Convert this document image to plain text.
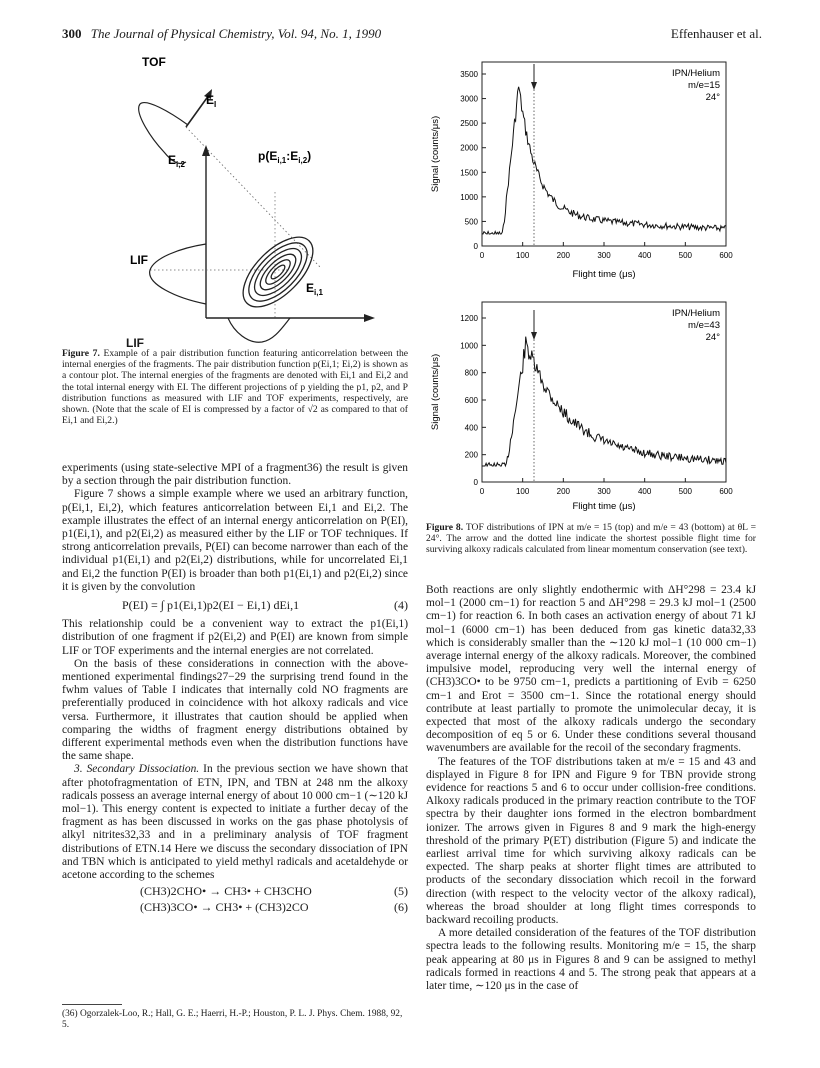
300 The Journal of Physical Chemistry, Vol. 94, No. 1, 1990	Effenhauser et al.
TOF
$E_I$
$E_{i,2}$
$p(E_{i,1}:E_{i,2})$
LIF
$E_{i,1}$
LIF
Figure 7. Example of a pair distribution function featuring anticorrelation between the internal energies of the fragments. The pair distribution function p(Ei,1; Ei,2) is shown as a contour plot. The internal energies of the fragments are denoted with Ei,1 and Ei,2 and the total internal energy with EI. The different projections of p yielding the p1, p2, and P distribution functions as measured with LIF and TOF experiments, respectively, are shown. (Note that the scale of EI is compressed by a factor of √2 as compared to that of Ei,1 and Ei,2.)

experiments (using state-selective MPI of a fragment36) the result is given by a section through the pair distribution function.

Figure 7 shows a simple example where we used an arbitrary function, p(Ei,1, Ei,2), which features anticorrelation between Ei,1 and Ei,2. The example illustrates the effect of an internal energy anticorrelation on P(EI), p1(Ei,1), and p2(Ei,2) as measured either by the LIF or TOF techniques. If strong anticorrelation prevails, P(EI) can become narrower than each of the individual p1(Ei,1) and p2(Ei,2) distributions, while for uncorrelated Ei,1 and Ei,2 the function P(EI) is broader than both p1(Ei,1) and p2(Ei,2) since it is given by the convolution

P(EI) = ∫ p1(Ei,1)p2(EI − Ei,1) dEi,1	(4)

This relationship could be a convenient way to extract the p1(Ei,1) distribution of one fragment if p2(Ei,2) and P(EI) are known from simple LIF or TOF experiments and the internal energies are not correlated.

On the basis of these considerations in connection with the above-mentioned experimental findings27−29 the surprising trend found in the fwhm values of Table I indicates that internally cold NO fragments are preferentially produced in coincidence with hot alkoxy radicals and vice versa. Furthermore, it illustrates that caution should be applied when comparing the widths of fragment energy distributions obtained by different experimental methods even when the distribution functions have the same shape.

3. Secondary Dissociation. In the previous section we have shown that after photofragmentation of ETN, IPN, and TBN at 248 nm the alkoxy radicals possess an average internal energy of about 10 000 cm−1 (∼120 kJ mol−1). This energy content is expected to initiate a further decay of the fragment as has been discussed in works on the gas phase photolysis of alkyl nitrites32,33 and in a preliminary analysis of TOF fragment distributions of ETN.14 Here we discuss the secondary dissociation of IPN and TBN which is anticipated to yield methyl radicals and acetaldehyde or acetone according to the schemes

(CH3)2CHO• → CH3• + CH3CHO	(5)
(CH3)3CO• → CH3• + (CH3)2CO	(6)
(36) Ogorzalek-Loo, R.; Hall, G. E.; Haerri, H.-P.; Houston, P. L. J. Phys. Chem. 1988, 92, 5.
3500
3000
2500
2000
1500
1000
500
0
0	100	200	300	400	500	600
IPN/Helium
m/e=15
24°
Signal (counts/μs)
Flight time (μs)
1200
1000
800
600
400
200
0
0	100	200	300	400	500	600
IPN/Helium
m/e=43
24°
Signal (counts/μs)
Flight time (μs)
Figure 8. TOF distributions of IPN at m/e = 15 (top) and m/e = 43 (bottom) at θL = 24°. The arrow and the dotted line indicate the shortest possible flight time for surviving alkoxy radicals calculated from linear momentum conservation (see text).

Both reactions are only slightly endothermic with ΔH°298 = 23.4 kJ mol−1 (2000 cm−1) for reaction 5 and ΔH°298 = 29.3 kJ mol−1 (2500 cm−1) for reaction 6. In both cases an activation energy of about 71 kJ mol−1 (6000 cm−1) has been deduced from gas kinetic data32,33 which is considerably smaller than the ∼120 kJ mol−1 (10 000 cm−1) average internal energy of the alkoxy radicals. Moreover, the combined impulsive model, reproducing very well the internal energy of (CH3)3CO• to be 9750 cm−1, predicts a partitioning of Evib = 6250 cm−1 and Erot = 3500 cm−1. Since the rotational energy should contribute at least partially to promote the unimolecular decay, it is expected that most of the alkoxy radicals undergo the secondary decomposition of eq 5 or 6. Under these conditions several thousand wavenumbers are available for the recoil of the secondary fragments.

The features of the TOF distributions taken at m/e = 15 and 43 and displayed in Figure 8 for IPN and Figure 9 for TBN provide strong evidence for reactions 5 and 6 to occur under collision-free conditions. Alkoxy radicals produced in the primary reaction contribute to the TOF spectra by their daughter ions formed in the electron bombardment ionizer. The arrows given in Figures 8 and 9 mark the high-energy threshold of the primary P(ET) distribution (Figure 5) and indicate the earliest arrival time for which surviving alkoxy radicals can be expected. The sharp peaks at shorter flight times are attributed to products of the secondary dissociation which recoil in the forward direction (with respect to the velocity vector of the alkoxy radical), whereas the broad shoulder at long flight times corresponds to backward recoiling products.

A more detailed consideration of the features of the TOF distribution spectra leads to the following results. Monitoring m/e = 15, the sharp peak appearing at 80 μs in Figures 8 and 9 can be assigned to methyl radicals formed in reactions 4 and 5. The strong peak that appears at a later time, ∼120 μs in the case of
